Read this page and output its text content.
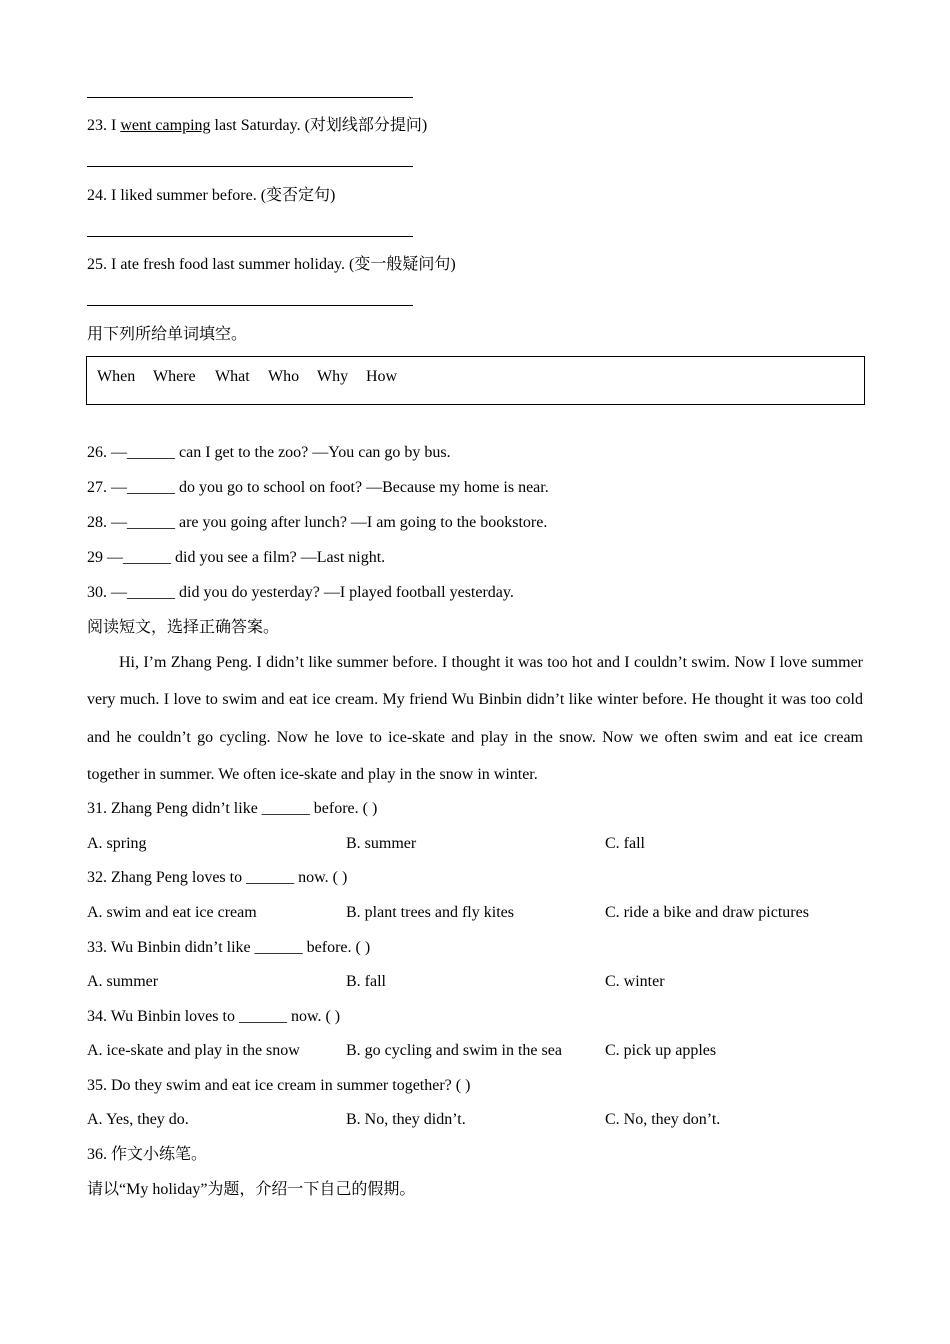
23. I went camping last Saturday. (对划线部分提问)
24. I liked summer before. (变否定句)
25. I ate fresh food last summer holiday. (变一般疑问句)
用下列所给单词填空。
When Where What Who Why How
26. —______ can I get to the zoo? —You can go by bus.
27. —______ do you go to school on foot? —Because my home is near.
28. —______ are you going after lunch? —I am going to the bookstore.
29 —______ did you see a film? —Last night.
30. —______ did you do yesterday? —I played football yesterday.
阅读短文，选择正确答案。
Hi, I’m Zhang Peng. I didn’t like summer before. I thought it was too hot and I couldn’t swim. Now I love summer very much. I love to swim and eat ice cream. My friend Wu Binbin didn’t like winter before. He thought it was too cold and he couldn’t go cycling. Now he love to ice-skate and play in the snow. Now we often swim and eat ice cream together in summer. We often ice-skate and play in the snow in winter.
31. Zhang Peng didn’t like ______ before. ( )
A. spring	B. summer	C. fall
32. Zhang Peng loves to ______ now. ( )
A. swim and eat ice cream	B. plant trees and fly kites	C. ride a bike and draw pictures
33. Wu Binbin didn’t like ______ before. ( )
A. summer	B. fall	C. winter
34. Wu Binbin loves to ______ now. ( )
A. ice-skate and play in the snow	B. go cycling and swim in the sea	C. pick up apples
35. Do they swim and eat ice cream in summer together? ( )
A. Yes, they do.	B. No, they didn’t.	C. No, they don’t.
36. 作文小练笔。
请以“My holiday”为题，介绍一下自己的假期。
